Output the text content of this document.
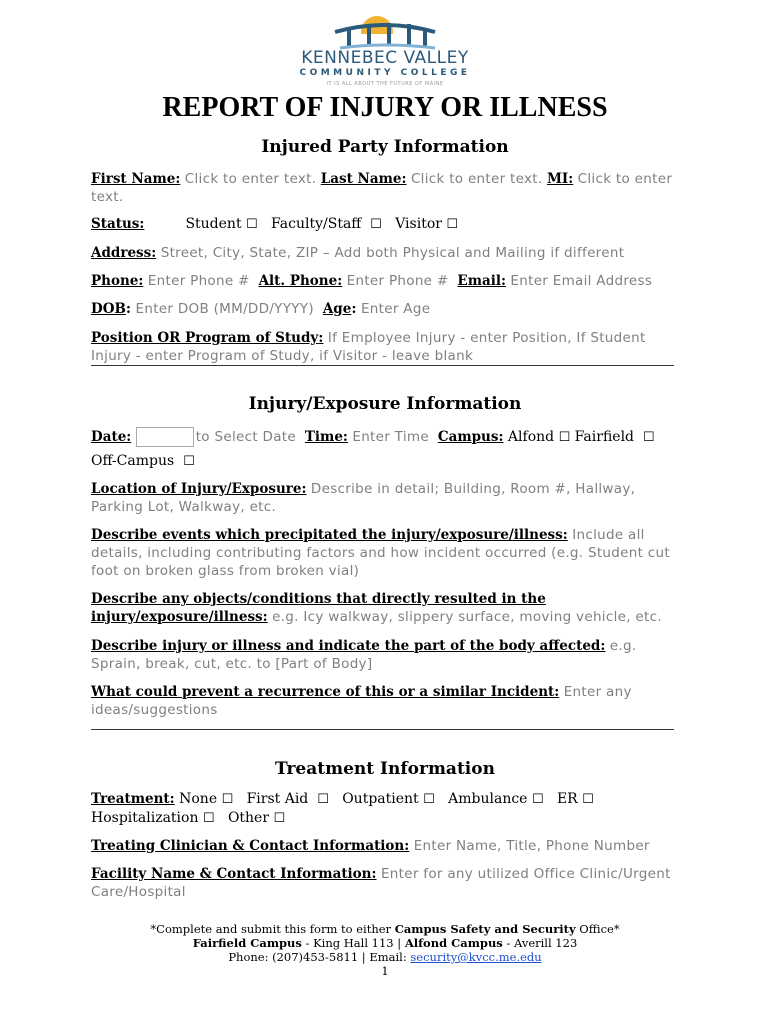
KENNEBEC VALLEY
COMMUNITY COLLEGE
IT IS ALL ABOUT THE FUTURE OF MAINE
REPORT OF INJURY OR ILLNESS
Injured Party Information
First Name: Click to enter text. Last Name: Click to enter text. MI: Click to enter
text.
Status:	Student ☐ Faculty/Staff ☐ Visitor ☐
Address: Street, City, State, ZIP – Add both Physical and Mailing if different
Phone: Enter Phone # Alt. Phone: Enter Phone # Email: Enter Email Address
DOB: Enter DOB (MM/DD/YYYY) Age: Enter Age
Position OR Program of Study: If Employee Injury - enter Position, If Student
Injury - enter Program of Study, if Visitor - leave blank
Injury/Exposure Information
Date:	to Select Date Time: Enter Time Campus: Alfond ☐ Fairfield ☐
Off-Campus ☐
Location of Injury/Exposure: Describe in detail; Building, Room #, Hallway,
Parking Lot, Walkway, etc.
Describe events which precipitated the injury/exposure/illness: Include all
details, including contributing factors and how incident occurred (e.g. Student cut
foot on broken glass from broken vial)
Describe any objects/conditions that directly resulted in the
injury/exposure/illness: e.g. Icy walkway, slippery surface, moving vehicle, etc.
Describe injury or illness and indicate the part of the body affected: e.g.
Sprain, break, cut, etc. to [Part of Body]
What could prevent a recurrence of this or a similar Incident: Enter any
ideas/suggestions
Treatment Information
Treatment: None ☐ First Aid ☐ Outpatient ☐ Ambulance ☐ ER ☐
Hospitalization ☐ Other ☐
Treating Clinician & Contact Information: Enter Name, Title, Phone Number
Facility Name & Contact Information: Enter for any utilized Office Clinic/Urgent
Care/Hospital
*Complete and submit this form to either Campus Safety and Security Office*
Fairfield Campus - King Hall 113 | Alfond Campus - Averill 123
Phone: (207)453-5811 | Email: security@kvcc.me.edu
1
